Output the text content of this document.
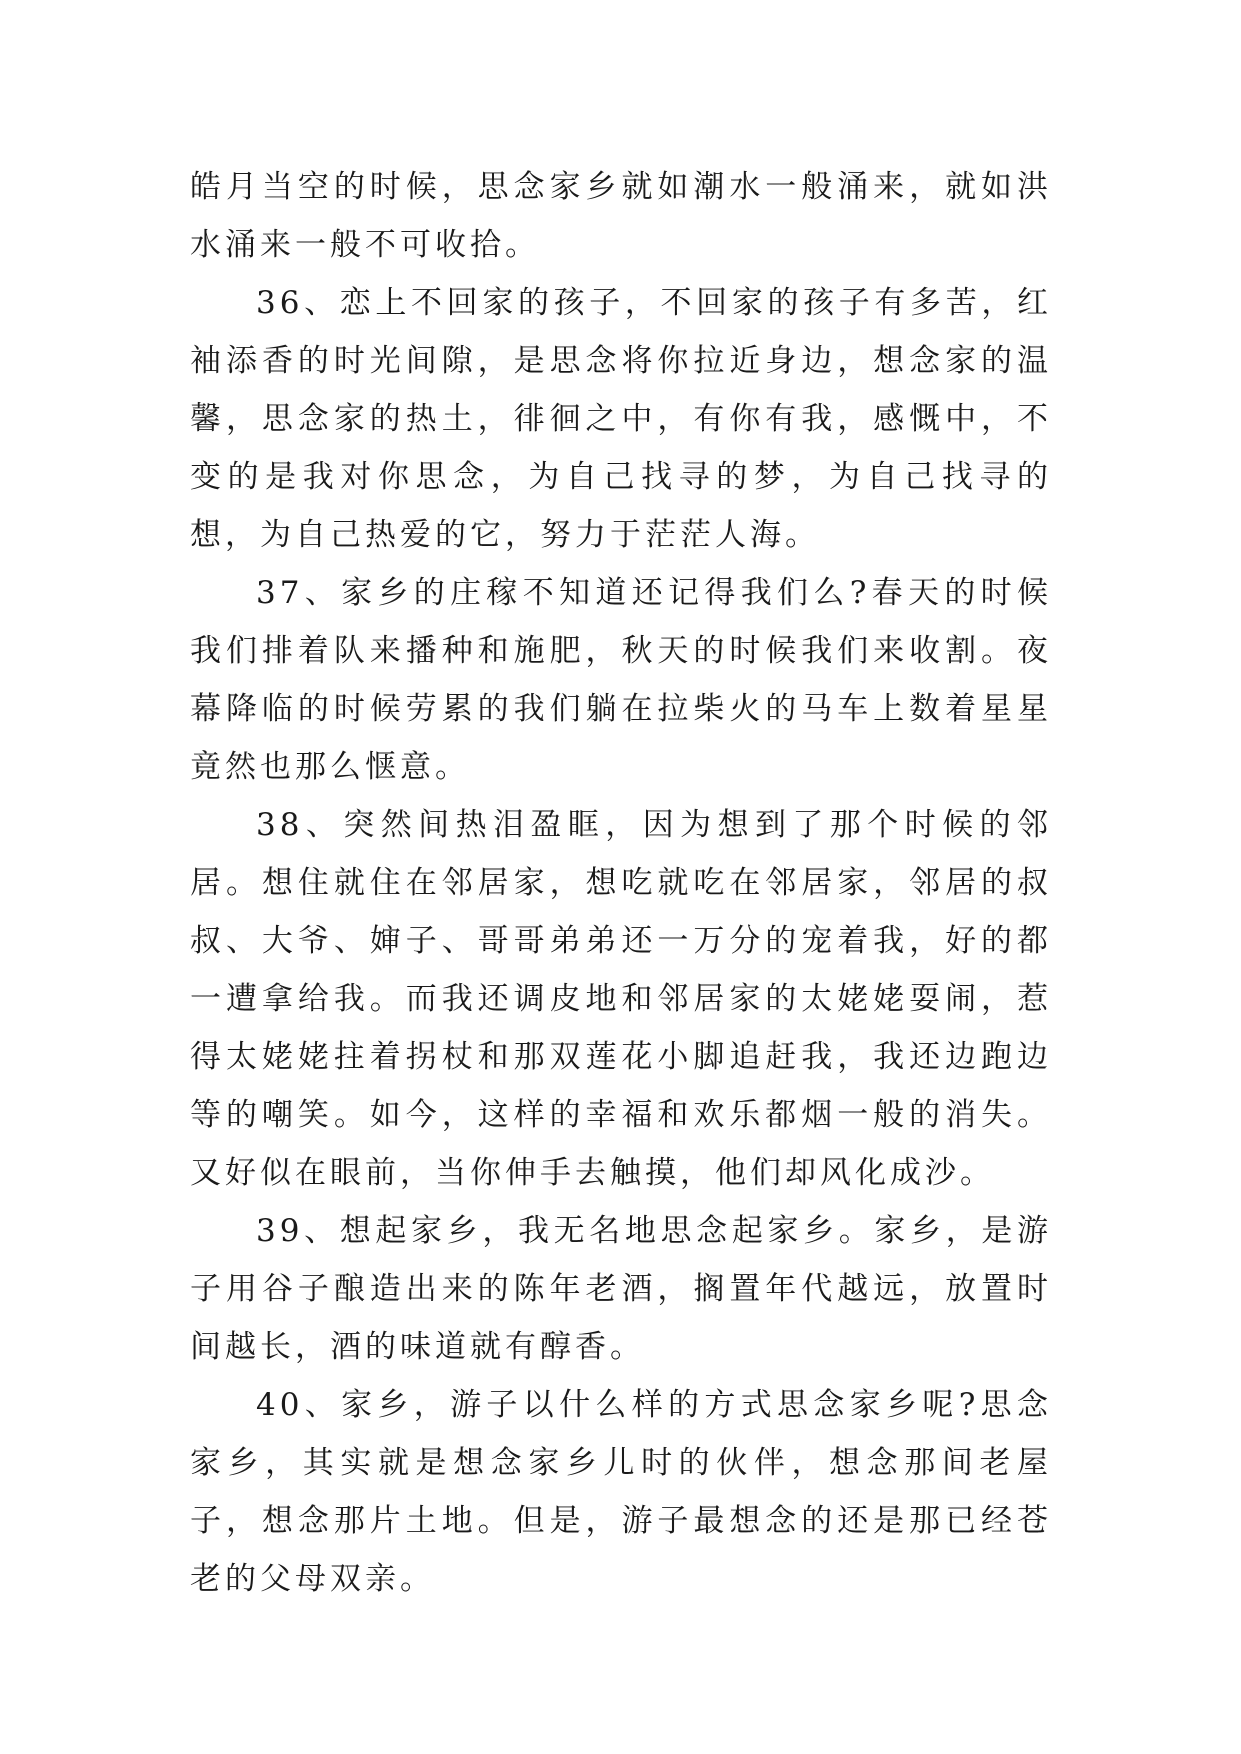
皓月当空的时候，思念家乡就如潮水一般涌来，就如洪水涌来一般不可收拾。

36、恋上不回家的孩子，不回家的孩子有多苦，红袖添香的时光间隙，是思念将你拉近身边，想念家的温馨，思念家的热土，徘徊之中，有你有我，感慨中，不变的是我对你思念，为自己找寻的梦，为自己找寻的想，为自己热爱的它，努力于茫茫人海。

37、家乡的庄稼不知道还记得我们么?春天的时候我们排着队来播种和施肥，秋天的时候我们来收割。夜幕降临的时候劳累的我们躺在拉柴火的马车上数着星星竟然也那么惬意。

38、突然间热泪盈眶，因为想到了那个时候的邻居。想住就住在邻居家，想吃就吃在邻居家，邻居的叔叔、大爷、婶子、哥哥弟弟还一万分的宠着我，好的都一遭拿给我。而我还调皮地和邻居家的太姥姥耍闹，惹得太姥姥拄着拐杖和那双莲花小脚追赶我，我还边跑边等的嘲笑。如今，这样的幸福和欢乐都烟一般的消失。又好似在眼前，当你伸手去触摸，他们却风化成沙。

39、想起家乡，我无名地思念起家乡。家乡，是游子用谷子酿造出来的陈年老酒，搁置年代越远，放置时间越长，酒的味道就有醇香。

40、家乡，游子以什么样的方式思念家乡呢?思念家乡，其实就是想念家乡儿时的伙伴，想念那间老屋子，想念那片土地。但是，游子最想念的还是那已经苍老的父母双亲。
